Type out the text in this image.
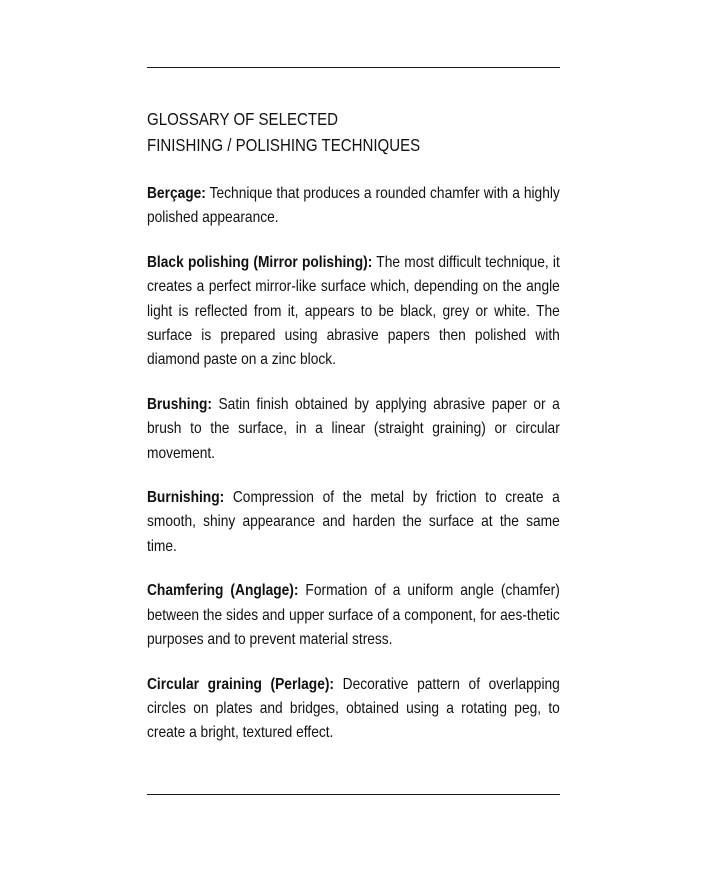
GLOSSARY OF SELECTED
FINISHING / POLISHING TECHNIQUES

Berçage: Technique that produces a rounded chamfer with a highly polished appearance.

Black polishing (Mirror polishing): The most difficult technique, it creates a perfect mirror-like surface which, depending on the angle light is reflected from it, appears to be black, grey or white. The surface is prepared using abrasive papers then polished with diamond paste on a zinc block.

Brushing: Satin finish obtained by applying abrasive paper or a brush to the surface, in a linear (straight graining) or circular movement.

Burnishing: Compression of the metal by friction to create a smooth, shiny appearance and harden the surface at the same time.

Chamfering (Anglage): Formation of a uniform angle (chamfer) between the sides and upper surface of a component, for aes-thetic purposes and to prevent material stress.

Circular graining (Perlage): Decorative pattern of overlapping circles on plates and bridges, obtained using a rotating peg, to create a bright, textured effect.
